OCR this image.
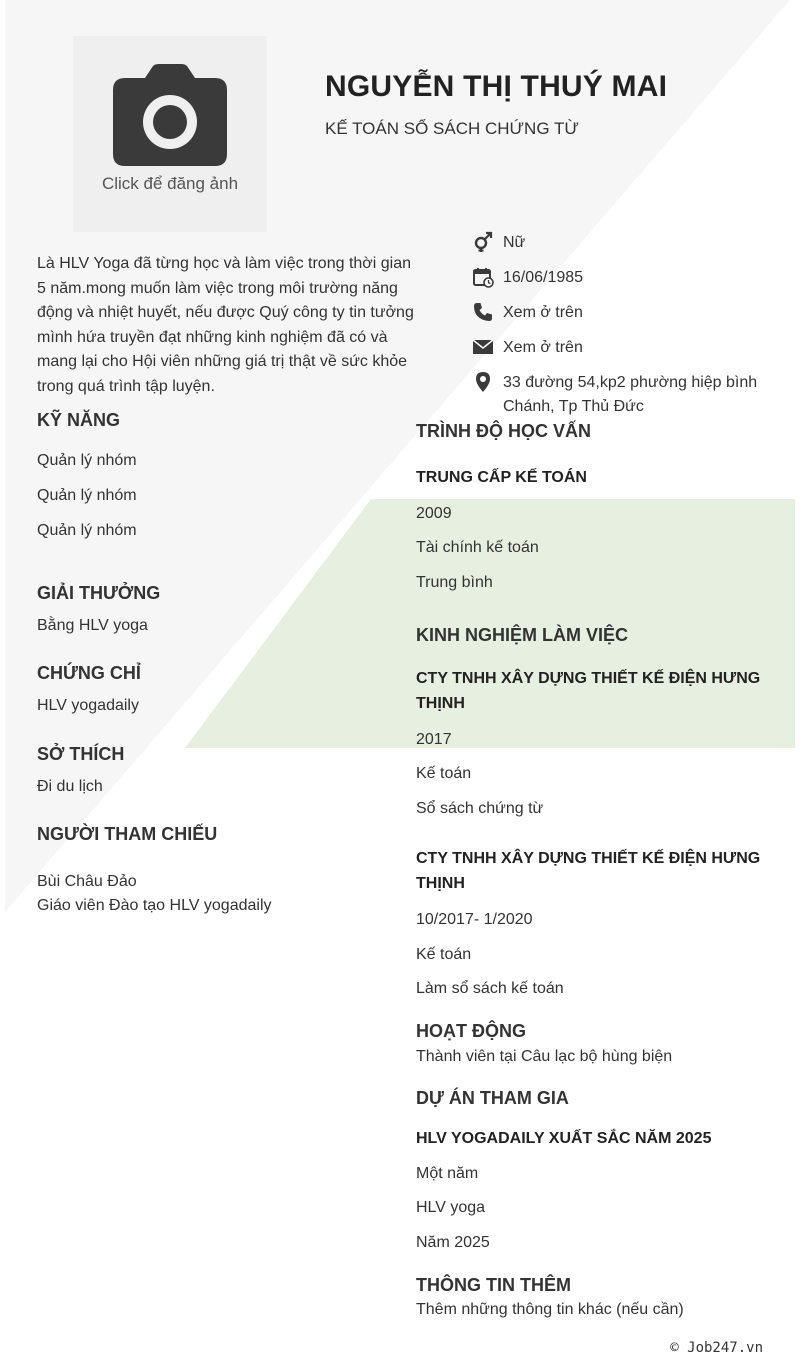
Click để đăng ảnh
NGUYỄN THỊ THUÝ MAI
KẾ TOÁN SỔ SÁCH CHỨNG TỪ
Là HLV Yoga đã từng học và làm việc trong thời gian 5 năm.mong muốn làm việc trong môi trường năng động và nhiệt huyết, nếu được Quý công ty tin tưởng mình hứa truyền đạt những kinh nghiệm đã có và mang lại cho Hội viên những giá trị thật về sức khỏe trong quá trình tập luyện.
Nữ
16/06/1985
Xem ở trên
Xem ở trên
33 đường 54,kp2 phường hiệp bình Chánh, Tp Thủ Đức
KỸ NĂNG
Quản lý nhóm
Quản lý nhóm
Quản lý nhóm
GIẢI THƯỞNG
Bằng HLV yoga
CHỨNG CHỈ
HLV yogadaily
SỞ THÍCH
Đi du lịch
NGƯỜI THAM CHIẾU
Bùi Châu Đảo
Giáo viên Đào tạo HLV yogadaily
TRÌNH ĐỘ HỌC VẤN
TRUNG CẤP KẾ TOÁN
2009
Tài chính kế toán
Trung bình
KINH NGHIỆM LÀM VIỆC
CTY TNHH XÂY DỰNG THIẾT KẾ ĐIỆN HƯNG THỊNH
2017
Kế toán
Sổ sách chứng từ
CTY TNHH XÂY DỰNG THIẾT KẾ ĐIỆN HƯNG THỊNH
10/2017- 1/2020
Kế toán
Làm sổ sách kế toán
HOẠT ĐỘNG
Thành viên tại Câu lạc bộ hùng biện
DỰ ÁN THAM GIA
HLV YOGADAILY XUẤT SẮC NĂM 2025
Một năm
HLV yoga
Năm 2025
THÔNG TIN THÊM
Thêm những thông tin khác (nếu cần)
© Job247.vn
